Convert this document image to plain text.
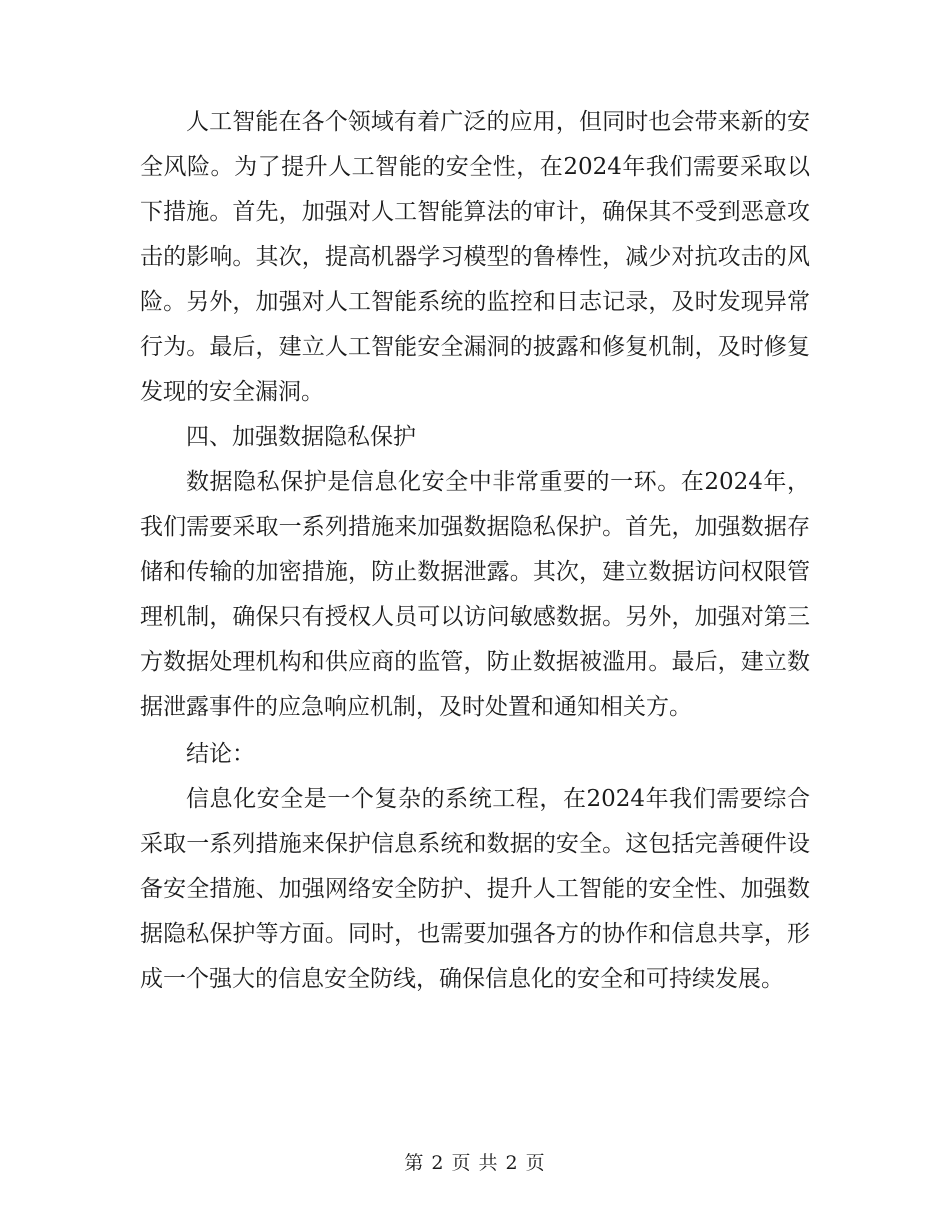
人工智能在各个领域有着广泛的应用，但同时也会带来新的安全风险。为了提升人工智能的安全性，在2024年我们需要采取以下措施。首先，加强对人工智能算法的审计，确保其不受到恶意攻击的影响。其次，提高机器学习模型的鲁棒性，减少对抗攻击的风险。另外，加强对人工智能系统的监控和日志记录，及时发现异常行为。最后，建立人工智能安全漏洞的披露和修复机制，及时修复发现的安全漏洞。

四、加强数据隐私保护

数据隐私保护是信息化安全中非常重要的一环。在2024年，我们需要采取一系列措施来加强数据隐私保护。首先，加强数据存储和传输的加密措施，防止数据泄露。其次，建立数据访问权限管理机制，确保只有授权人员可以访问敏感数据。另外，加强对第三方数据处理机构和供应商的监管，防止数据被滥用。最后，建立数据泄露事件的应急响应机制，及时处置和通知相关方。

结论：

信息化安全是一个复杂的系统工程，在2024年我们需要综合采取一系列措施来保护信息系统和数据的安全。这包括完善硬件设备安全措施、加强网络安全防护、提升人工智能的安全性、加强数据隐私保护等方面。同时，也需要加强各方的协作和信息共享，形成一个强大的信息安全防线，确保信息化的安全和可持续发展。

第 2 页 共 2 页
